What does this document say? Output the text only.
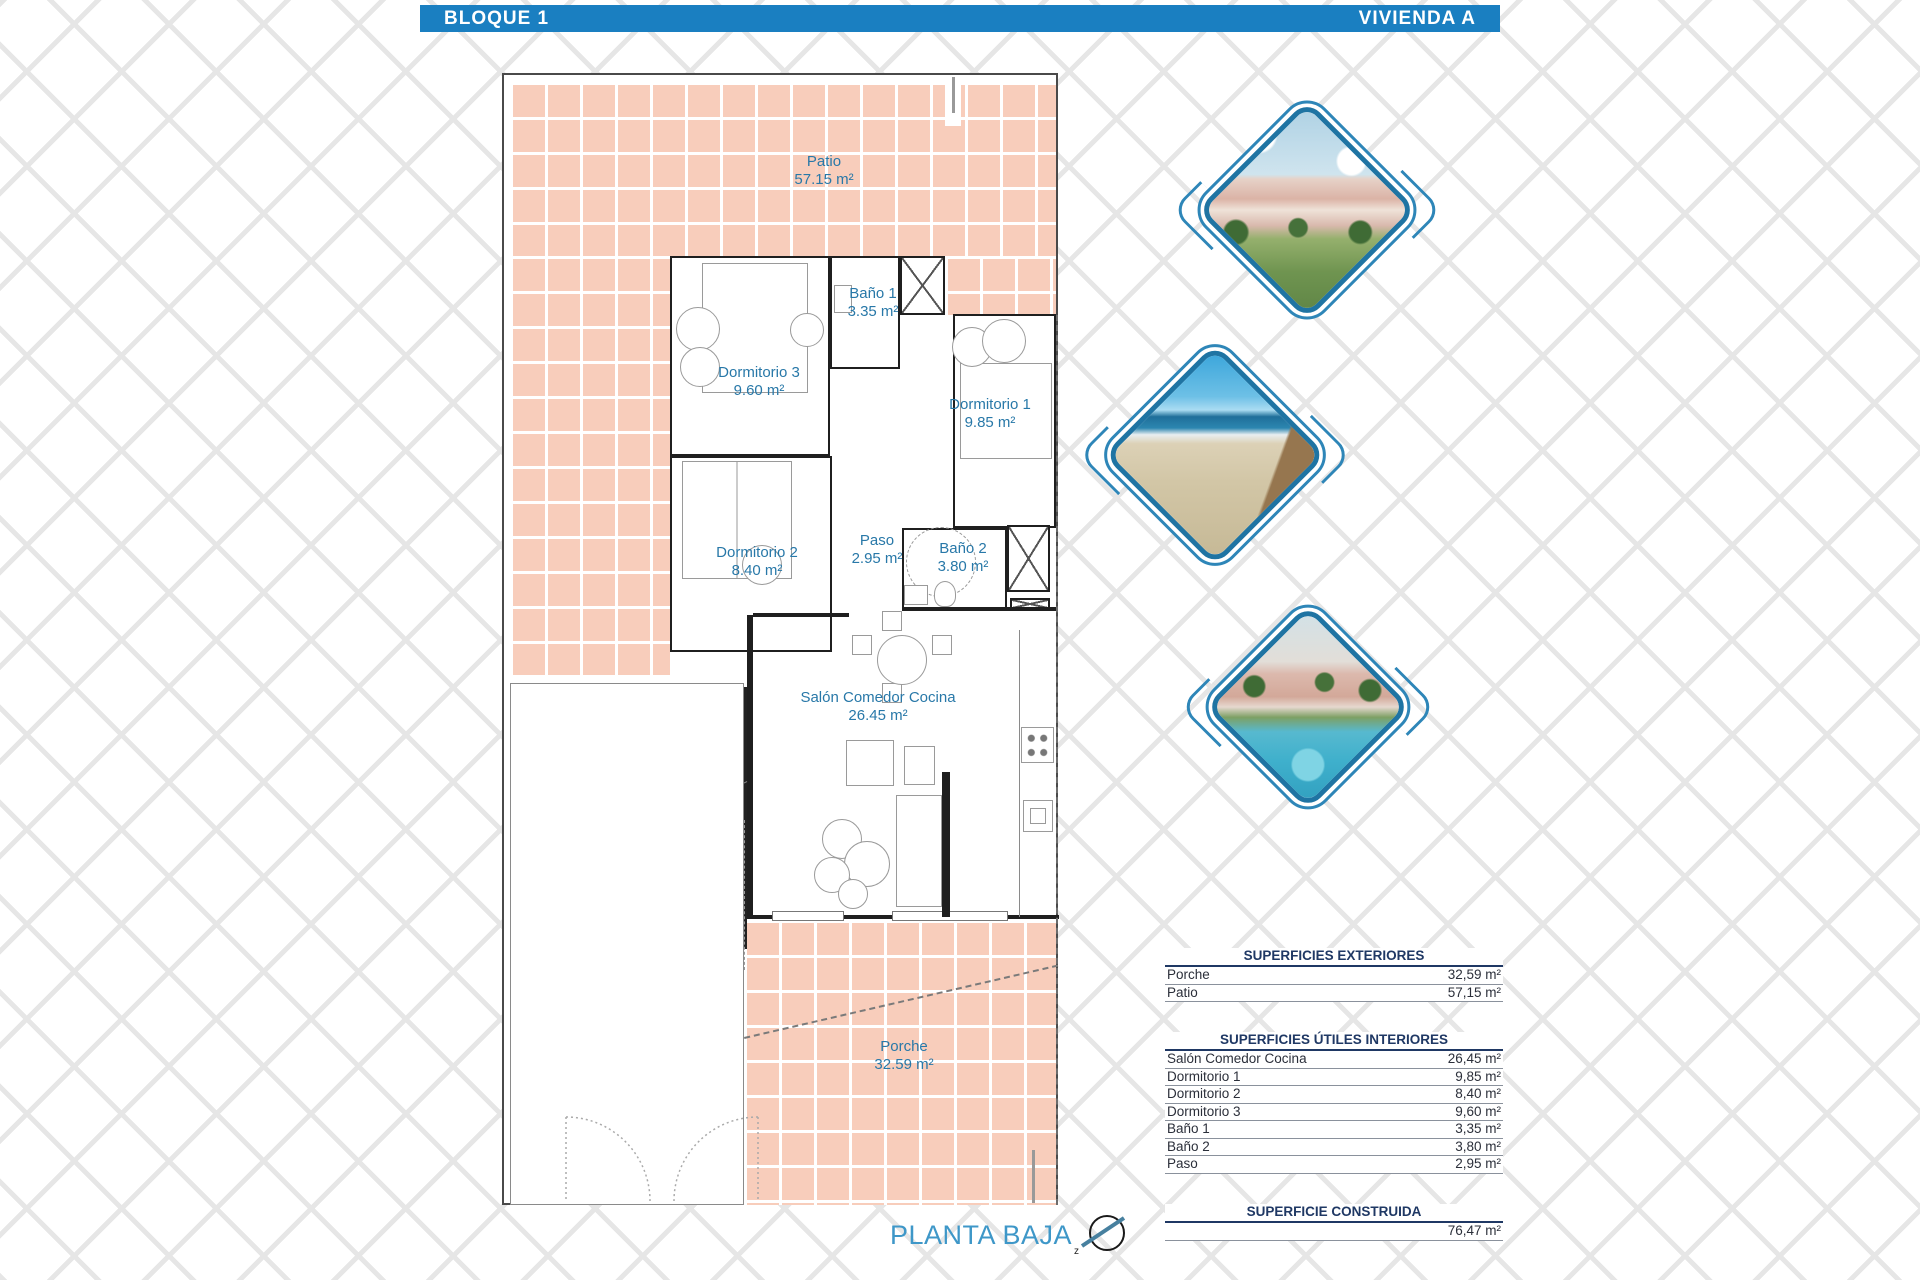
BLOQUE 1	VIVIENDA A
Patio
57.15 m²
Baño 1
3.35 m²
Dormitorio 3
9.60 m²
Dormitorio 1
9.85 m²
Dormitorio 2
8.40 m²
Paso
2.95 m²
Baño 2
3.80 m²
Salón Comedor Cocina
26.45 m²
Porche
32.59 m²
SUPERFICIES EXTERIORES
Porche	32,59 m²
Patio	57,15 m²
SUPERFICIES ÚTILES INTERIORES
Salón Comedor Cocina	26,45 m²
Dormitorio 1	9,85 m²
Dormitorio 2	8,40 m²
Dormitorio 3	9,60 m²
Baño 1	3,35 m²
Baño 2	3,80 m²
Paso	2,95 m²
SUPERFICIE CONSTRUIDA
76,47 m²
PLANTA BAJA
z
